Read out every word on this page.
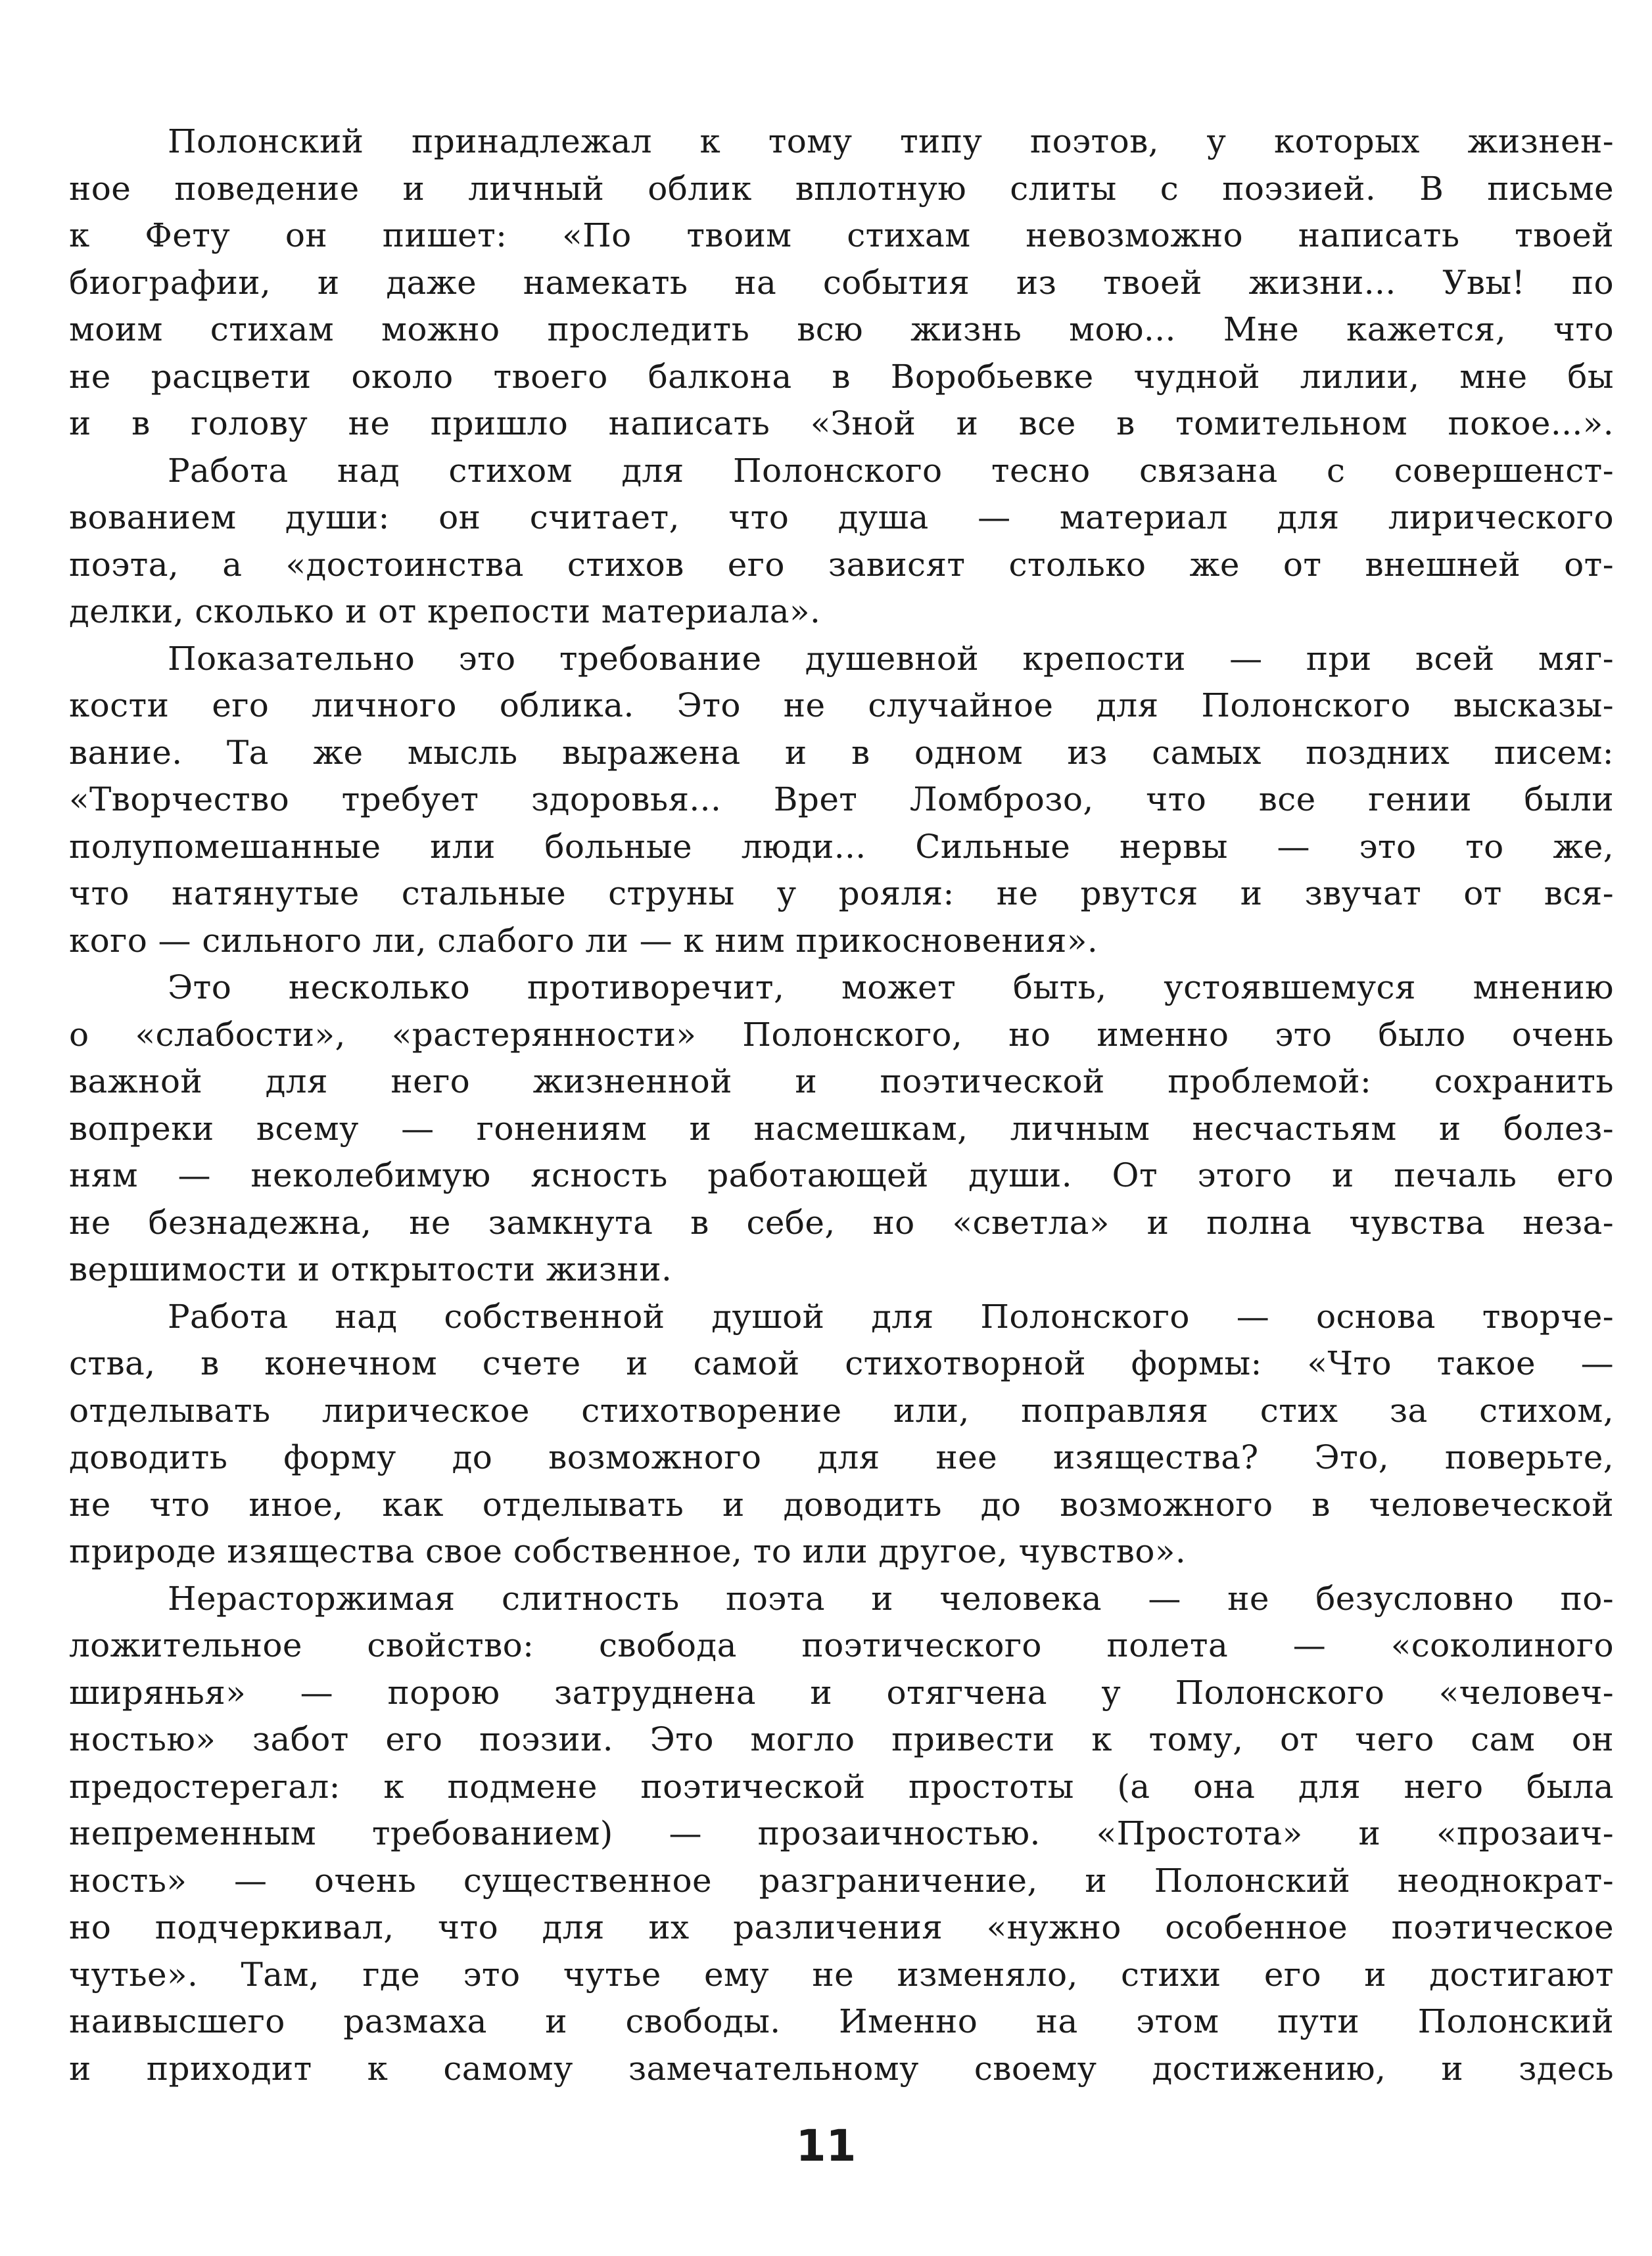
Полонский принадлежал к тому типу поэтов, у которых жизнен-
ное поведение и личный облик вплотную слиты с поэзией. В письме
к Фету он пишет: «По твоим стихам невозможно написать твоей
биографии, и даже намекать на события из твоей жизни... Увы! по
моим стихам можно проследить всю жизнь мою... Мне кажется, что
не расцвети около твоего балкона в Воробьевке чудной лилии, мне бы
и в голову не пришло написать «Зной и все в томительном покое...».
Работа над стихом для Полонского тесно связана с совершенст-
вованием души: он считает, что душа — материал для лирического
поэта, а «достоинства стихов его зависят столько же от внешней от-
делки, сколько и от крепости материала».
Показательно это требование душевной крепости — при всей мяг-
кости его личного облика. Это не случайное для Полонского высказы-
вание. Та же мысль выражена и в одном из самых поздних писем:
«Творчество требует здоровья... Врет Ломброзо, что все гении были
полупомешанные или больные люди... Сильные нервы — это то же,
что натянутые стальные струны у рояля: не рвутся и звучат от вся-
кого — сильного ли, слабого ли — к ним прикосновения».
Это несколько противоречит, может быть, устоявшемуся мнению
о «слабости», «растерянности» Полонского, но именно это было очень
важной для него жизненной и поэтической проблемой: сохранить
вопреки всему — гонениям и насмешкам, личным несчастьям и болез-
ням — неколебимую ясность работающей души. От этого и печаль его
не безнадежна, не замкнута в себе, но «светла» и полна чувства неза-
вершимости и открытости жизни.
Работа над собственной душой для Полонского — основа творче-
ства, в конечном счете и самой стихотворной формы: «Что такое —
отделывать лирическое стихотворение или, поправляя стих за стихом,
доводить форму до возможного для нее изящества? Это, поверьте,
не что иное, как отделывать и доводить до возможного в человеческой
природе изящества свое собственное, то или другое, чувство».
Нерасторжимая слитность поэта и человека — не безусловно по-
ложительное свойство: свобода поэтического полета — «соколиного
ширянья» — порою затруднена и отягчена у Полонского «человеч-
ностью» забот его поэзии. Это могло привести к тому, от чего сам он
предостерегал: к подмене поэтической простоты (а она для него была
непременным требованием) — прозаичностью. «Простота» и «прозаич-
ность» — очень существенное разграничение, и Полонский неоднократ-
но подчеркивал, что для их различения «нужно особенное поэтическое
чутье». Там, где это чутье ему не изменяло, стихи его и достигают
наивысшего размаха и свободы. Именно на этом пути Полонский
и приходит к самому замечательному своему достижению, и здесь
11
